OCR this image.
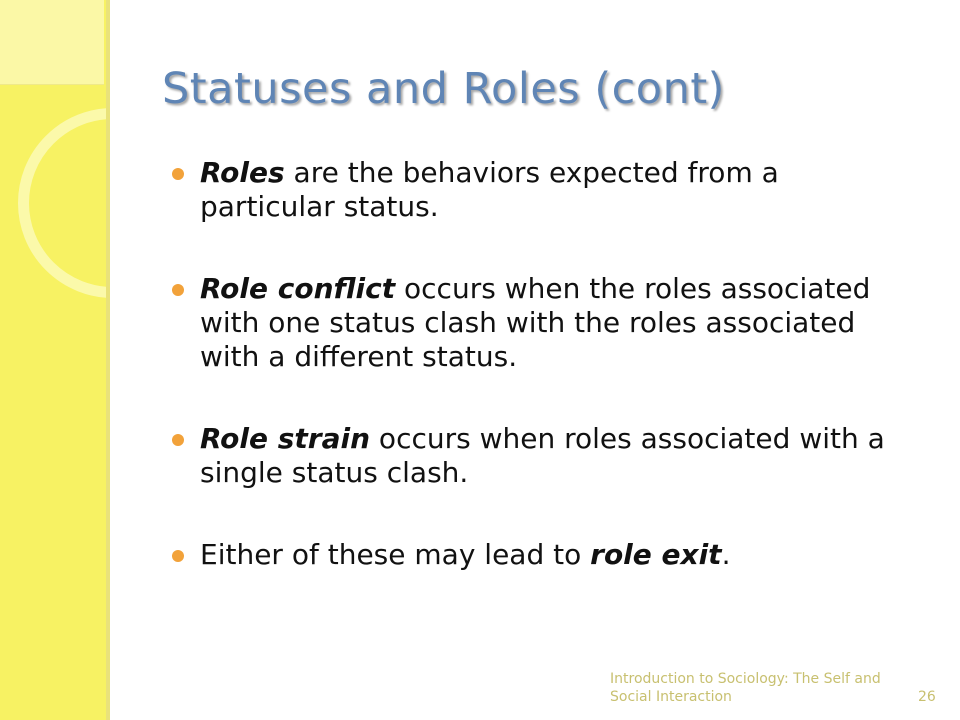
Statuses and Roles (cont)
Roles are the behaviors expected from a particular status.
Role conflict occurs when the roles associated with one status clash with the roles associated with a different status.
Role strain occurs when roles associated with a single status clash.
Either of these may lead to role exit.
Introduction to Sociology: The Self and Social Interaction	26
